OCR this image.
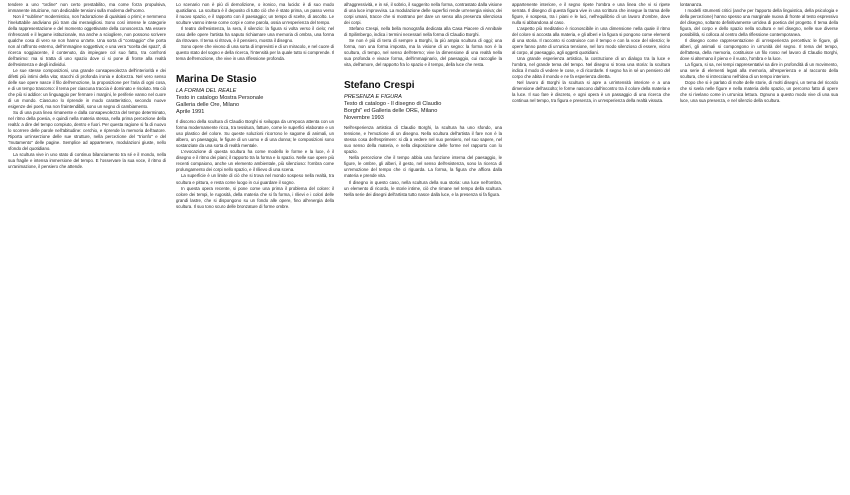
tendere a uno "ordine" non certo prestabilito, ma come forza propulsiva, immanente intuizione, non dedicabile tensioni sulla moderna dell'uomo.

Non il "sublime" modernistico, non l'adorazione di qualsiasi o primi; e nemmeno l'ineluttabile andiviano più tram dai meravigliosi. Sono così intense le categorie della rappresentazione e del momento oggettivante della conoscenza. Ma essere rinfrescanti e il legame istituzionale, ma anche a sciogliere, non possono scrivere qualche cosa di vero se non hanno un'arte. Una sorta di "contaggio" che porta non al raffronto esterno, dell'immagine soggettiva; e una vera "scelta dei spazi", di ricerca soggiacente, il contenuto, da impiegare col suo fatto, tra confronti dell'animo: ma si tratta di uno spazio dove ci si pone di fronte alla realtà dell'esistenza e degli individui.

Le sue stesse composizioni, una grande consapevolezza dell'interiorità e dei difetti più intimi della vita; stacchi di profonda ironia e dolcezza. Nel vero senso delle sue opere nasce il filo dell'emozione, la proposizione per l'aria di ogni cosa, e di un tempo trascorso: il tema per ciascuna traccia è dominato e risoluto. Ma ciò che più si addice: un linguaggio per fermare i margini, le periferie vanno nel cuore di un mondo. Ciascuno lo riprende in modo caratteristico, secondo nuove esigenze dei poeti, ma non fraintendibili, sono un segno di cambiamento.

Su di una pura linea rimanente e dalla consapevolezza del tempo determinato, nel ritmo della poesia, e quindi nella materia stessa, nella prima percezione della realtà: a dire del tempo compiuto, dentro e fuori. Per questa ragione si fa di nuovo lo scorrere delle parole nell'abitudine: cerchio, e riprende la memoria dell'autore. Riporta un'inserzione delle sue strutture, nella percezione del "trionfo" e del "mutamento" delle pagine. Semplice ad appartenere, modulazioni giuste, nello sfondo del quotidiano.

La scultura vive in uno stato di continuo bilanciamento tra sé e il mondo, nella sua fragile e intensa immersione del tempo. E l'osservare la sua voce, il ritmo di un'animazione, il pensiero che attende.

Lo scenario non è più di demolizione, o ironico, ma lucido: è di suo modo quotidiano. La scultura è il deposito di tutto ciò che è stato prima, un passo verso il nuovo spazio, e il rapporto con il paesaggio; un tempo di scelte, di ascolto. Le sculture vanno intese come corpi e come parola, ossia un'esperienza del tempo.

Il teatro dell'esistenza, la sera, il silenzio: la figura si volta verso il cielo; nel caso delle opere l'artista ha saputo richiamare una memoria di ombra, una forma da ritrovare. Il tema si ritrova, è il pensiero, mostra il disegno.

Sono opere che vivono di una sorta di imprevisti e di un miracolo, e nel cuore di questo stato del sogno e della ricerca, l'intensità per la quale tutto si comprende. Il tema dell'emozione, che vive in una riflessione profonda.

Marina De Stasio
LA FORMA DEL REALE
Testo in catalogo Mostra Personale
Galleria delle Ore, Milano
Aprile 1991

Il discorso della scultura di Claudio Borghi si sviluppa da un'epoca attenta con un forma modernamente ricca, tra tessitura, fatture, come le superfici elaborate e un uso plastico del colore. Su queste soluzioni ricorrono le sagome di animali, un albero, un paesaggio, le figure di un uomo e di una donna; le composizioni sono sostanziate da una sorta di realtà mentale.

L'evocazione di questa scultura ha come modello le forme e la luce, è il disegno e il ritmo dei piani; il rapporto tra la forma e lo spazio. Nelle sue opere più recenti compaiono, anche un elemento ambientale, più silenzioso: l'ombra come prolungamento dei corpi nello spazio, e il rilievo di una scena.

La superficie è un limite di ciò che si trova nel mondo sospeso nella realtà, tra scultura e pittura, e resta come luogo in cui guardare il sogno.

In questa opera recente, si pone come una prima il problema del colore: il colore dei tempi, le rugosità, della materia che si fa forma, i rilievi e i colori delle grandi lastre, che si dispongono su un fondo alle opere, fino all'energia della scultura. Il suo tono scuro delle bronzature di forme ombre.

all'aggressività, e in sé, il sobrio, il suggerito nella forma, contrastato dalla visione di una luce improvvisa. La modulazione delle superfici rende un'energia visiva; dei corpi umani, tracce che si mostrano per dare un senso alla presenza silenziosa dei corpi.

Stefano Crespi, nella bella monografia dedicata alla Casa Piacere di Annibale di Spilimbergo, indica i termini necessari nella forma di Claudio Borghi.

Se non è più di terra di sempre a Borghi, la più ampia scultura di oggi; una forma, non una forma imposta, ma la visione di un segno: la forma non è la scultura, di tempo, nel senso dell'eterno; vive la dimensione di una realtà nella sua profonda e vivace forma, dell'immaginario, del paesaggio, cui raccoglie la vita, dell'amore, del rapporto fra lo spazio e il tempo, della luce che resta.

Stefano Crespi
PRESENZA E FIGURA
Testo di catalogo - Il disegno di Claudio
Borghi" ed Galleria delle ORE, Milano
Novembre 1993

Nell'esperienza artistica di Claudio Borghi, la scultura ha uno sfondo, una tensione, e l'emozione di un disegno. Nella scultura dell'artista il fare non è la stessa cosa dell'esprimere: si dà a vedere nel suo pensiero, nel suo sapere, nel suo senso della materia, e nella disposizione delle forme nel rapporto con lo spazio.

Nella percezione che il tempo abbia una funzione interna del paesaggio, le figure, le ombre, gli alberi, il gesto, nel senso dell'esistenza, sono la ricerca di un'emozione del tempo che ci riguarda. La forma, la figura che affiora dalla materia e prende vita.

Il disegno in questo caso, nella scultura della sua storia: una luce nell'ombra, un elemento di ricordo, le storie intime, ciò che rimane nel tempo della scultura. Nella serie dei disegni dell'artista tutto nasce dalla luce, e la presenza si fa figura.

appartenente interiore, e il segno ripete l'ombra e una linea che vi si ripete serrata. Il disegno di questa figura vive in una scrittura che insegue la trama delle figure, è sospesa, tra i piani e le luci, nell'equilibrio di un lavoro d'ombre, dove nulla si abbandona al caso.

L'aspetto più meditativo è riconoscibile in una dimensione nella quale il ritmo del colore si accosta alla materia, e gli alberi e la figura si pongono come elementi di una storia. Il racconto si costruisce con il tempo e con la voce del silenzio; le opere fanno parte di un'unica tensione, nel loro modo silenzioso di essere, vicino al corpo, al paesaggio, agli oggetti quotidiani.

Una grande esperienza artistica, la costruzione di un dialogo tra la luce e l'ombra, nel grande tema del tempo. Nel disegno si trova una storia: la scultura indica il modo di vedere le cose, e di ricordarle. Il segno ha in sé un pensiero del corpo che abita il mondo e ne fa esperienza diretta.

Nel lavoro di Borghi la scultura si apre a un'intensità interiore e a una dimensione dell'ascolto; le forme nascono dall'incontro tra il colore della materia e la luce. Il suo fare è discreto, e ogni opera è un passaggio di una ricerca che continua nel tempo, tra figura e presenza, in un'esperienza della realtà vissuta.

lontananza.

I modelli strumenti critici (anche per l'apporto della linguistica, della psicologia e della percezione) hanno spesso una marginale nuova di fronte al testo espressivo del disegno, soltanto definitivamente un'idea di poetica del progetto. Il tema della figura, del corpo e dello spazio nella scultura e nel disegno, nelle sue diverse possibilità, si colloca al centro della riflessione contemporanea.

Il disegno come rappresentazione di un'esperienza percettiva: le figure, gli alberi, gli animali si compongono in un'unità del segno. Il tema del tempo, dell'attesa, della memoria, costituisce un filo rosso nel lavoro di Claudio Borghi, dove si alternano il pieno e il vuoto, l'ombra e la luce.

La figura, si sa, nei tempi rappresentativi sa dire in profondità di un movimento, una serie di elementi legati alla memoria, all'esperienza e al racconto della scultura, che si intrecciano nell'idea di un tempo interiore.

Dopo che si è parlato di molte delle storie, di molti disegni, un tema del ricordo che si svela nelle figure e nella materia dello spazio, un percorso fatto di opere che si rivelano come in un'unica lettura. Ognuno a questo modo vive di una sua luce, una sua presenza, e nel silenzio della scultura.
